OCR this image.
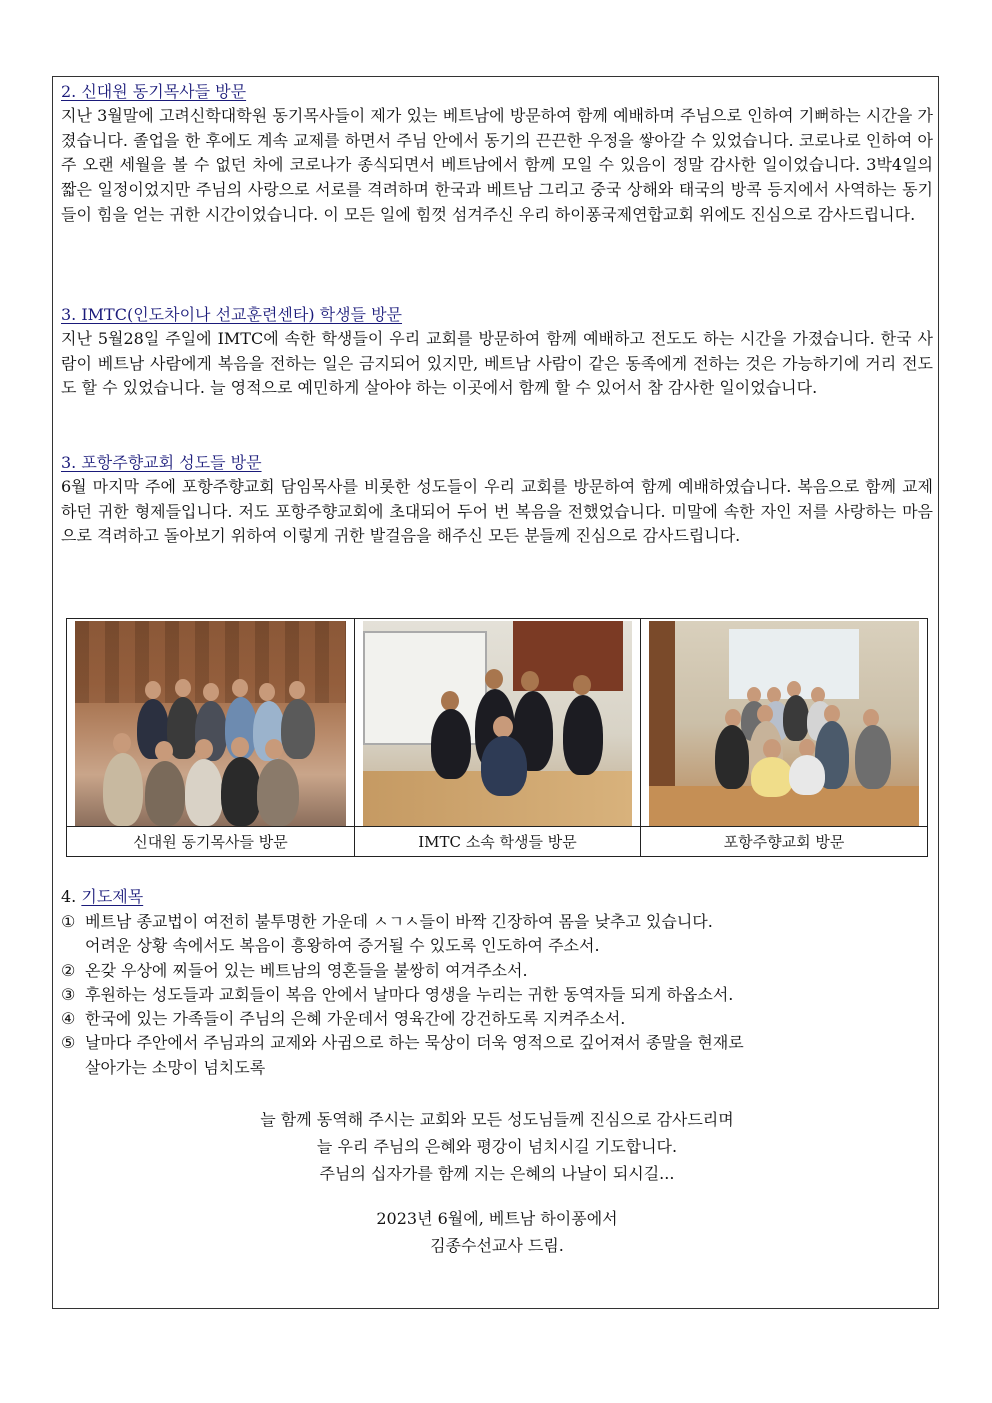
2. 신대원 동기목사들 방문

지난 3월말에 고려신학대학원 동기목사들이 제가 있는 베트남에 방문하여 함께 예배하며 주님으로 인하여 기뻐하는 시간을 가졌습니다. 졸업을 한 후에도 계속 교제를 하면서 주님 안에서 동기의 끈끈한 우정을 쌓아갈 수 있었습니다. 코로나로 인하여 아주 오랜 세월을 볼 수 없던 차에 코로나가 종식되면서 베트남에서 함께 모일 수 있음이 정말 감사한 일이었습니다. 3박4일의 짧은 일정이었지만 주님의 사랑으로 서로를 격려하며 한국과 베트남 그리고 중국 상해와 태국의 방콕 등지에서 사역하는 동기들이 힘을 얻는 귀한 시간이었습니다. 이 모든 일에 힘껏 섬겨주신 우리 하이퐁국제연합교회 위에도 진심으로 감사드립니다.

3. IMTC(인도차이나 선교훈련센타) 학생들 방문

지난 5월28일 주일에 IMTC에 속한 학생들이 우리 교회를 방문하여 함께 예배하고 전도도 하는 시간을 가졌습니다. 한국 사람이 베트남 사람에게 복음을 전하는 일은 금지되어 있지만, 베트남 사람이 같은 동족에게 전하는 것은 가능하기에 거리 전도도 할 수 있었습니다. 늘 영적으로 예민하게 살아야 하는 이곳에서 함께 할 수 있어서 참 감사한 일이었습니다.

3. 포항주향교회 성도들 방문

6월 마지막 주에 포항주향교회 담임목사를 비롯한 성도들이 우리 교회를 방문하여 함께 예배하였습니다. 복음으로 함께 교제하던 귀한 형제들입니다. 저도 포항주향교회에 초대되어 두어 번 복음을 전했었습니다. 미말에 속한 자인 저를 사랑하는 마음으로 격려하고 돌아보기 위하여 이렇게 귀한 발걸음을 해주신 모든 분들께 진심으로 감사드립니다.

신대원 동기목사들 방문	IMTC 소속 학생들 방문	포항주향교회 방문
4. 기도제목
① 베트남 종교법이 여전히 불투명한 가운데 ㅅㄱㅅ들이 바짝 긴장하여 몸을 낮추고 있습니다.
어려운 상황 속에서도 복음이 흥왕하여 증거될 수 있도록 인도하여 주소서.
② 온갖 우상에 찌들어 있는 베트남의 영혼들을 불쌍히 여겨주소서.
③ 후원하는 성도들과 교회들이 복음 안에서 날마다 영생을 누리는 귀한 동역자들 되게 하옵소서.
④ 한국에 있는 가족들이 주님의 은혜 가운데서 영육간에 강건하도록 지켜주소서.
⑤ 날마다 주안에서 주님과의 교제와 사귐으로 하는 묵상이 더욱 영적으로 깊어져서 종말을 현재로
살아가는 소망이 넘치도록

늘 함께 동역해 주시는 교회와 모든 성도님들께 진심으로 감사드리며

늘 우리 주님의 은혜와 평강이 넘치시길 기도합니다.

주님의 십자가를 함께 지는 은혜의 나날이 되시길...

2023년 6월에, 베트남 하이퐁에서

김종수선교사 드림.
